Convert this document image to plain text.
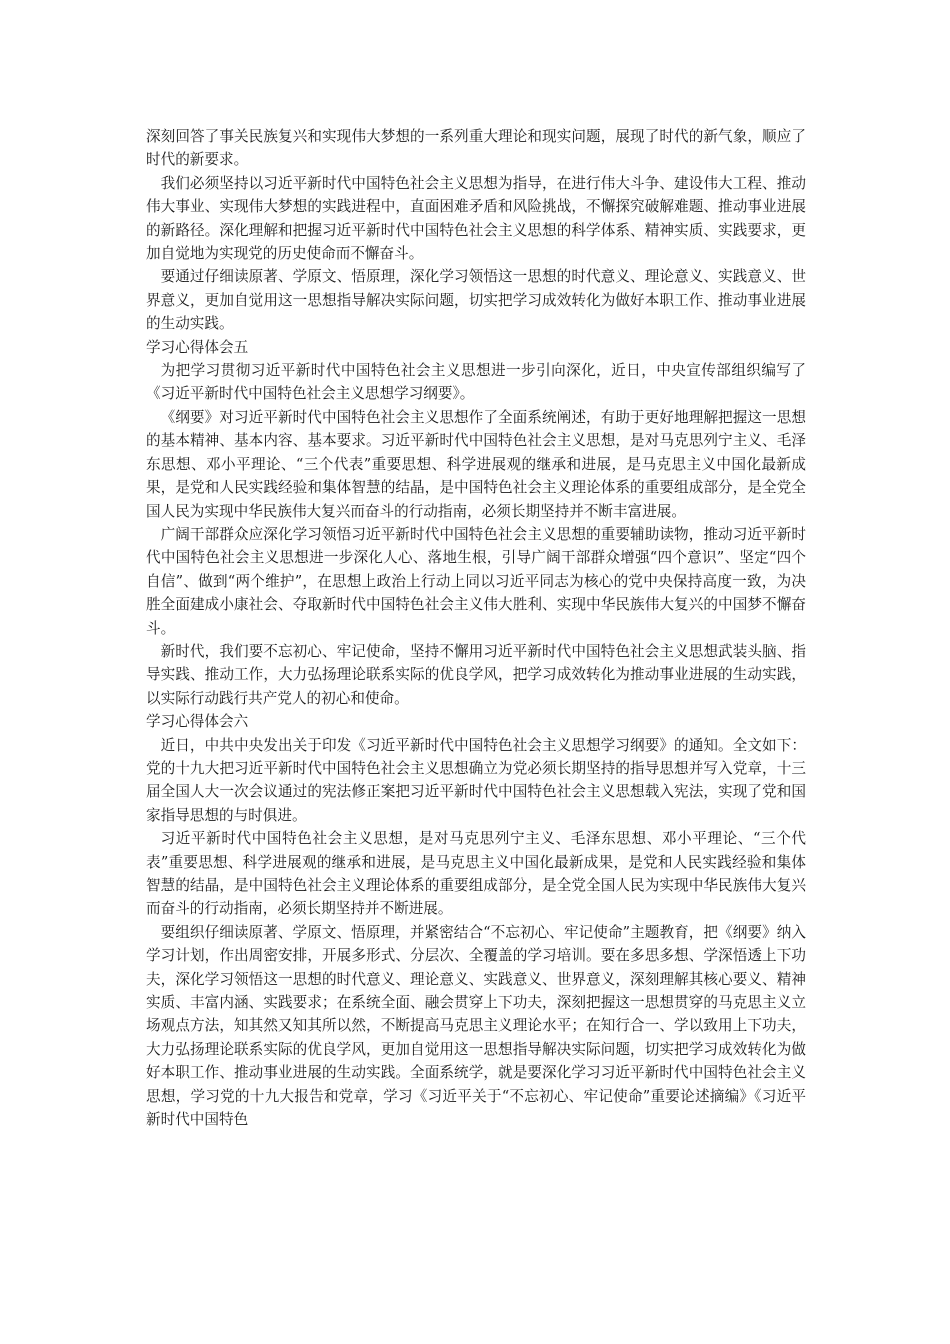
深刻回答了事关民族复兴和实现伟大梦想的一系列重大理论和现实问题，展现了时代的新气象，顺应了时代的新要求。

我们必须坚持以习近平新时代中国特色社会主义思想为指导，在进行伟大斗争、建设伟大工程、推动伟大事业、实现伟大梦想的实践进程中，直面困难矛盾和风险挑战，不懈探究破解难题、推动事业进展的新路径。深化理解和把握习近平新时代中国特色社会主义思想的科学体系、精神实质、实践要求，更加自觉地为实现党的历史使命而不懈奋斗。

要通过仔细读原著、学原文、悟原理，深化学习领悟这一思想的时代意义、理论意义、实践意义、世界意义，更加自觉用这一思想指导解决实际问题，切实把学习成效转化为做好本职工作、推动事业进展的生动实践。

学习心得体会五

为把学习贯彻习近平新时代中国特色社会主义思想进一步引向深化，近日，中央宣传部组织编写了《习近平新时代中国特色社会主义思想学习纲要》。

《纲要》对习近平新时代中国特色社会主义思想作了全面系统阐述，有助于更好地理解把握这一思想的基本精神、基本内容、基本要求。习近平新时代中国特色社会主义思想，是对马克思列宁主义、毛泽东思想、邓小平理论、“三个代表”重要思想、科学进展观的继承和进展，是马克思主义中国化最新成果，是党和人民实践经验和集体智慧的结晶，是中国特色社会主义理论体系的重要组成部分，是全党全国人民为实现中华民族伟大复兴而奋斗的行动指南，必须长期坚持并不断丰富进展。

广阔干部群众应深化学习领悟习近平新时代中国特色社会主义思想的重要辅助读物，推动习近平新时代中国特色社会主义思想进一步深化人心、落地生根，引导广阔干部群众增强“四个意识”、坚定“四个自信”、做到“两个维护”，在思想上政治上行动上同以习近平同志为核心的党中央保持高度一致，为决胜全面建成小康社会、夺取新时代中国特色社会主义伟大胜利、实现中华民族伟大复兴的中国梦不懈奋斗。

新时代，我们要不忘初心、牢记使命，坚持不懈用习近平新时代中国特色社会主义思想武装头脑、指导实践、推动工作，大力弘扬理论联系实际的优良学风，把学习成效转化为推动事业进展的生动实践，以实际行动践行共产党人的初心和使命。

学习心得体会六

近日，中共中央发出关于印发《习近平新时代中国特色社会主义思想学习纲要》的通知。全文如下：党的十九大把习近平新时代中国特色社会主义思想确立为党必须长期坚持的指导思想并写入党章，十三届全国人大一次会议通过的宪法修正案把习近平新时代中国特色社会主义思想载入宪法，实现了党和国家指导思想的与时俱进。

习近平新时代中国特色社会主义思想，是对马克思列宁主义、毛泽东思想、邓小平理论、“三个代表”重要思想、科学进展观的继承和进展，是马克思主义中国化最新成果，是党和人民实践经验和集体智慧的结晶，是中国特色社会主义理论体系的重要组成部分，是全党全国人民为实现中华民族伟大复兴而奋斗的行动指南，必须长期坚持并不断进展。

要组织仔细读原著、学原文、悟原理，并紧密结合“不忘初心、牢记使命”主题教育，把《纲要》纳入学习计划，作出周密安排，开展多形式、分层次、全覆盖的学习培训。要在多思多想、学深悟透上下功夫，深化学习领悟这一思想的时代意义、理论意义、实践意义、世界意义，深刻理解其核心要义、精神实质、丰富内涵、实践要求；在系统全面、融会贯穿上下功夫，深刻把握这一思想贯穿的马克思主义立场观点方法，知其然又知其所以然，不断提高马克思主义理论水平；在知行合一、学以致用上下功夫，大力弘扬理论联系实际的优良学风，更加自觉用这一思想指导解决实际问题，切实把学习成效转化为做好本职工作、推动事业进展的生动实践。全面系统学，就是要深化学习习近平新时代中国特色社会主义思想，学习党的十九大报告和党章，学习《习近平关于“不忘初心、牢记使命”重要论述摘编》《习近平新时代中国特色
